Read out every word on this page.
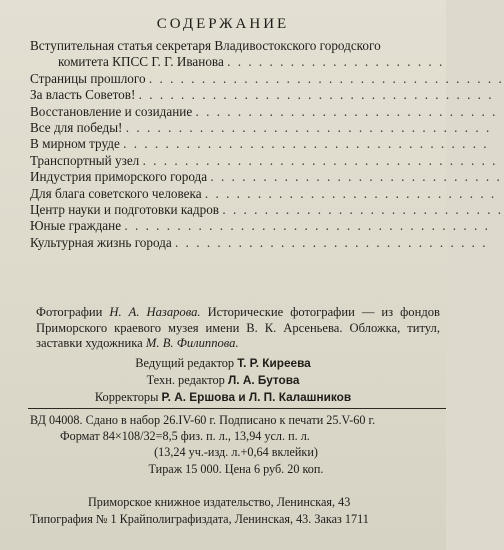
СОДЕРЖАНИЕ
Вступительная статья секретаря Владивостокского городского
комитета КПСС Г. Г. Иванова . . . . . . . . . . . . . . . . . . . . .
Страницы прошлого . . . . . . . . . . . . . . . . . . . . . . . . . . . . . . . . . .
За власть Советов! . . . . . . . . . . . . . . . . . . . . . . . . . . . . . . . . . .
Восстановление и созидание . . . . . . . . . . . . . . . . . . . . . . . . . . . . .
Все для победы! . . . . . . . . . . . . . . . . . . . . . . . . . . . . . . . . . . .
В мирном труде . . . . . . . . . . . . . . . . . . . . . . . . . . . . . . . . . . .
Транспортный узел . . . . . . . . . . . . . . . . . . . . . . . . . . . . . . . . . .
Индустрия приморского города . . . . . . . . . . . . . . . . . . . . . . . . . . . .
Для блага советского человека . . . . . . . . . . . . . . . . . . . . . . . . . . . .
Центр науки и подготовки кадров . . . . . . . . . . . . . . . . . . . . . . . . . . .
Юные граждане . . . . . . . . . . . . . . . . . . . . . . . . . . . . . . . . . . .
Культурная жизнь города . . . . . . . . . . . . . . . . . . . . . . . . . . . . . .

Фотографии Н. А. Назарова. Исторические фотографии — из фондов Приморского краевого музея имени В. К. Арсеньева. Обложка, титул, заставки художника М. В. Филиппова.

Ведущий редактор Т. Р. Киреева
Техн. редактор Л. А. Бутова
Корректоры Р. А. Ершова и Л. П. Калашников
ВД 04008. Сдано в набор 26.IV-60 г. Подписано к печати 25.V-60 г.
Формат 84×108/32=8,5 физ. п. л., 13,94 усл. п. л.
(13,24 уч.-изд. л.+0,64 вклейки)
Тираж 15 000. Цена 6 руб. 20 коп.
Приморское книжное издательство, Ленинская, 43
Типография № 1 Крайполиграфиздата, Ленинская, 43. Заказ 1711
